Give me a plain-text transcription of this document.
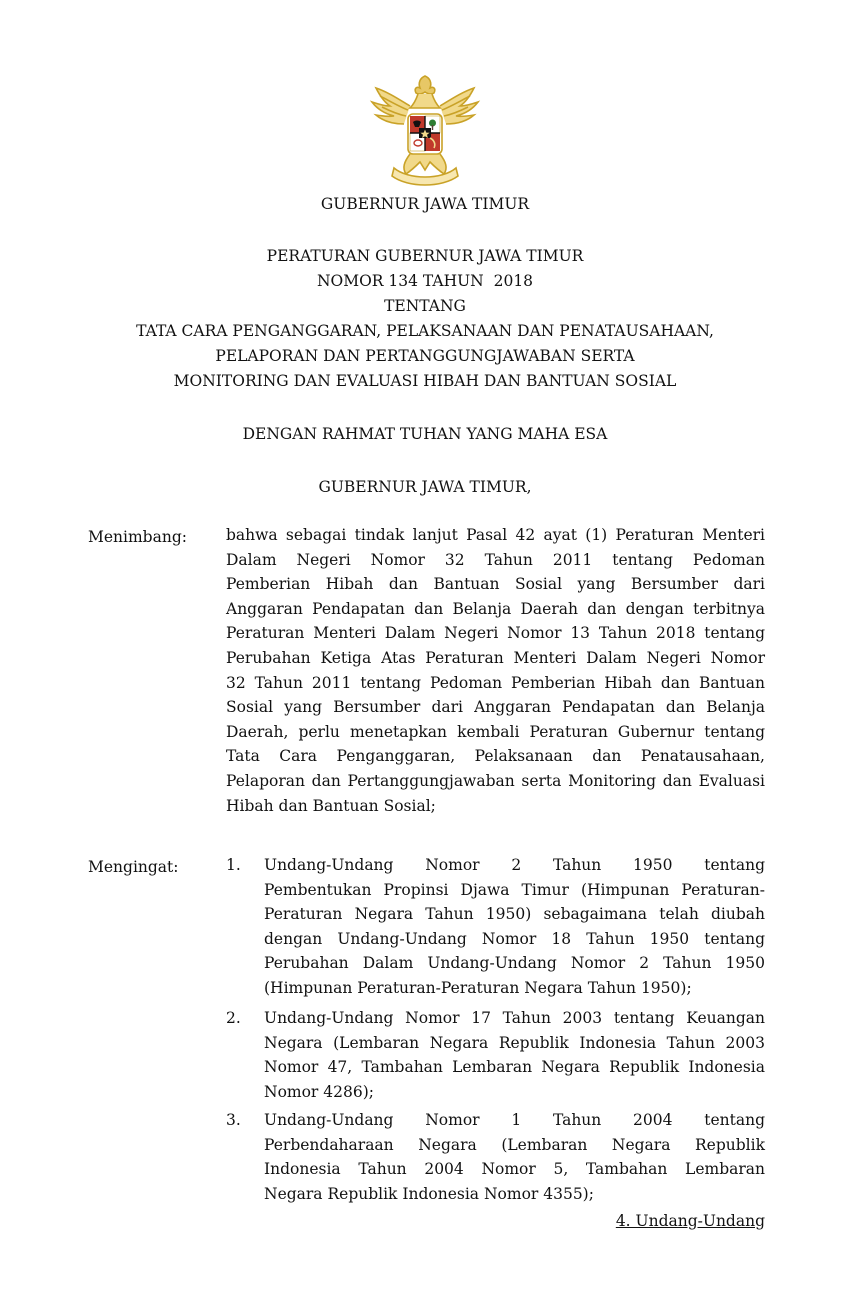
GUBERNUR JAWA TIMUR
PERATURAN GUBERNUR JAWA TIMUR
NOMOR 134 TAHUN  2018
TENTANG
TATA CARA PENGANGGARAN, PELAKSANAAN DAN PENATAUSAHAAN,
PELAPORAN DAN PERTANGGUNGJAWABAN SERTA
MONITORING DAN EVALUASI HIBAH DAN BANTUAN SOSIAL
DENGAN RAHMAT TUHAN YANG MAHA ESA
GUBERNUR JAWA TIMUR,
Menimbang:	bahwa sebagai tindak lanjut Pasal 42 ayat (1) Peraturan Menteri
Dalam Negeri Nomor 32 Tahun 2011 tentang Pedoman
Pemberian Hibah dan Bantuan Sosial yang Bersumber dari
Anggaran Pendapatan dan Belanja Daerah dan dengan terbitnya
Peraturan Menteri Dalam Negeri Nomor 13 Tahun 2018 tentang
Perubahan Ketiga Atas Peraturan Menteri Dalam Negeri Nomor
32 Tahun 2011 tentang Pedoman Pemberian Hibah dan Bantuan
Sosial yang Bersumber dari Anggaran Pendapatan dan Belanja
Daerah, perlu menetapkan kembali Peraturan Gubernur tentang
Tata Cara Penganggaran, Pelaksanaan dan Penatausahaan,
Pelaporan dan Pertanggungjawaban serta Monitoring dan Evaluasi
Hibah dan Bantuan Sosial;
Mengingat:	1. Undang-Undang Nomor 2 Tahun 1950 tentang
Pembentukan Propinsi Djawa Timur (Himpunan Peraturan-
Peraturan Negara Tahun 1950) sebagaimana telah diubah
dengan Undang-Undang Nomor 18 Tahun 1950 tentang
Perubahan Dalam Undang-Undang Nomor 2 Tahun 1950
(Himpunan Peraturan-Peraturan Negara Tahun 1950);
2. Undang-Undang Nomor 17 Tahun 2003 tentang Keuangan
Negara (Lembaran Negara Republik Indonesia Tahun 2003
Nomor 47, Tambahan Lembaran Negara Republik Indonesia
Nomor 4286);
3. Undang-Undang Nomor 1 Tahun 2004 tentang
Perbendaharaan Negara (Lembaran Negara Republik
Indonesia Tahun 2004 Nomor 5, Tambahan Lembaran
Negara Republik Indonesia Nomor 4355);
4. Undang-Undang
